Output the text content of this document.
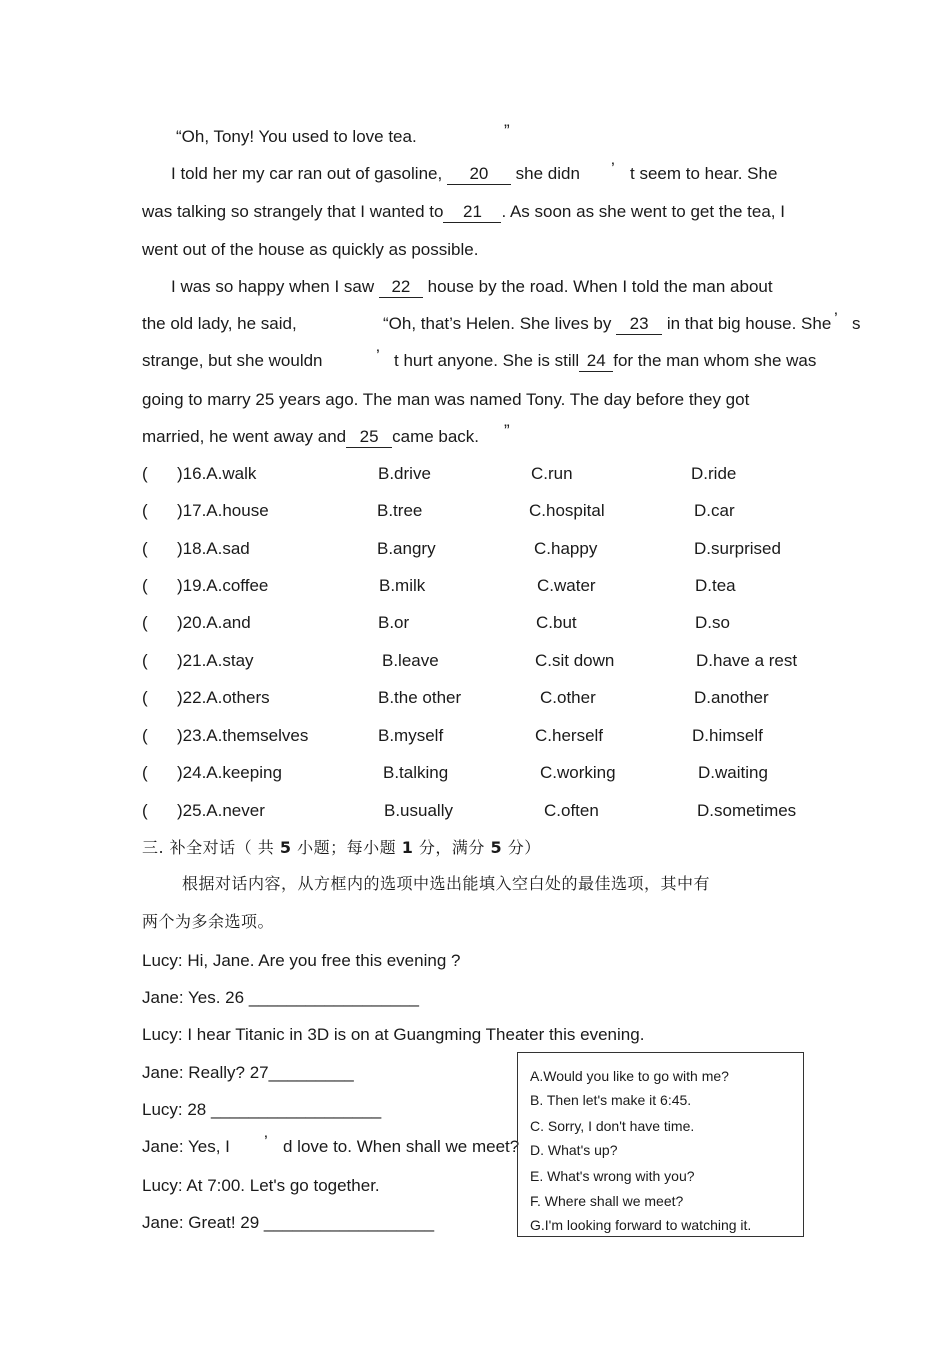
“Oh, Tony! You used to love tea.	”
I told her my car ran out of gasoline, 20 she didn ’ t seem to hear. She
was talking so strangely that I wanted to 21 . As soon as she went to get the tea, I
went out of the house as quickly as possible.
I was so happy when I saw 22 house by the road. When I told the man about
the old lady, he said,	“Oh, that’s Helen. She lives by 23 in that big house. She ’ s
strange, but she wouldn	’ t hurt anyone. She is still 24 for the man whom she was
going to marry 25 years ago. The man was named Tony. The day before they got
married, he went away and 25 came back. ”
( )16.A.walk	B.drive	C.run	D.ride
( )17.A.house	B.tree	C.hospital	D.car
( )18.A.sad	B.angry	C.happy	D.surprised
( )19.A.coffee	B.milk	C.water	D.tea
( )20.A.and	B.or	C.but	D.so
( )21.A.stay	B.leave	C.sit down	D.have a rest
( )22.A.others	B.the other	C.other	D.another
( )23.A.themselves	B.myself	C.herself	D.himself
( )24.A.keeping	B.talking	C.working	D.waiting
( )25.A.never	B.usually	C.often	D.sometimes
三. 补全对话（ 共 5 小题；每小题 1 分，满分 5 分）
根据对话内容，从方框内的选项中选出能填入空白处的最佳选项，其中有
两个为多余选项。
Lucy: Hi, Jane. Are you free this evening ?
Jane: Yes. 26 __________________
Lucy: I hear Titanic in 3D is on at Guangming Theater this evening.
Jane: Really? 27_________
Lucy: 28 __________________
Jane: Yes, I ’ d love to. When shall we meet?
Lucy: At 7:00. Let's go together.
Jane: Great! 29 __________________
A.Would you like to go with me?
B. Then let's make it 6:45.
C. Sorry, I don't have time.
D. What's up?
E. What's wrong with you?
F. Where shall we meet?
G.I'm looking forward to watching it.
